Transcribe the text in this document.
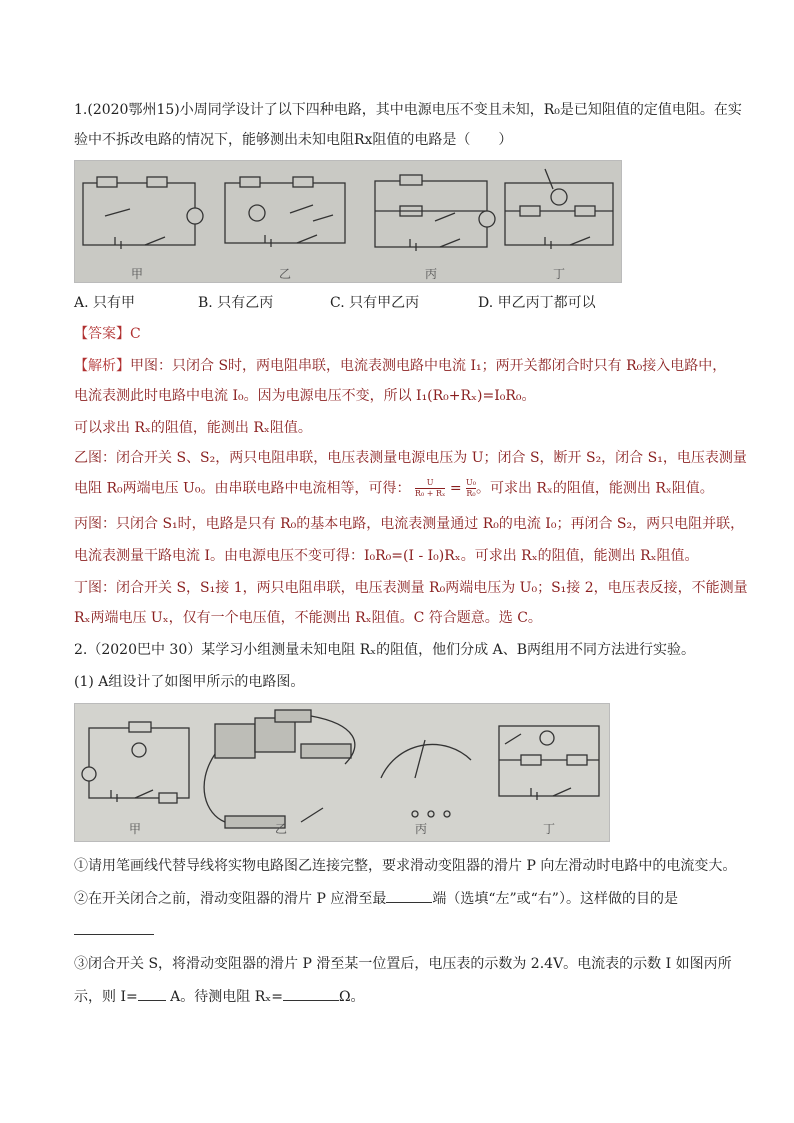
1.(2020鄂州15)小周同学设计了以下四种电路，其中电源电压不变且未知，R₀是已知阻值的定值电阻。在实
验中不拆改电路的情况下，能够测出未知电阻Rx阻值的电路是（　　）
甲	乙	丙	丁
A. 只有甲	B. 只有乙丙	C. 只有甲乙丙	D. 甲乙丙丁都可以
【答案】C
【解析】甲图：只闭合 S时，两电阻串联，电流表测电路中电流 I₁；两开关都闭合时只有 R₀接入电路中，
电流表测此时电路中电流 I₀。因为电源电压不变，所以 I₁(R₀+Rₓ)=I₀R₀。
可以求出 Rₓ的阻值，能测出 Rₓ阻值。
乙图：闭合开关 S、S₂，两只电阻串联，电压表测量电源电压为 U；闭合 S，断开 S₂，闭合 S₁，电压表测量
电阻 R₀两端电压 U₀。由串联电路中电流相等，可得： $\frac{U}{\text{R₀ + Rₓ}} = \frac{\text{U₀}}{\text{R₀}}$ 。可求出 Rₓ的阻值，能测出 Rₓ阻值。
丙图：只闭合 S₁时，电路是只有 R₀的基本电路，电流表测量通过 R₀的电流 I₀；再闭合 S₂，两只电阻并联，
电流表测量干路电流 I。由电源电压不变可得：I₀R₀=(I - I₀)Rₓ。可求出 Rₓ的阻值，能测出 Rₓ阻值。
丁图：闭合开关 S，S₁接 1，两只电阻串联，电压表测量 R₀两端电压为 U₀；S₁接 2，电压表反接，不能测量
Rₓ两端电压 Uₓ，仅有一个电压值，不能测出 Rₓ阻值。C 符合题意。选 C。
2.（2020巴中 30）某学习小组测量未知电阻 Rₓ的阻值，他们分成 A、B两组用不同方法进行实验。
(1) A组设计了如图甲所示的电路图。
甲	乙	丙	丁
①请用笔画线代替导线将实物电路图乙连接完整，要求滑动变阻器的滑片 P 向左滑动时电路中的电流变大。
②在开关闭合之前，滑动变阻器的滑片 P 应滑至最	端（选填“左”或“右”）。这样做的目的是
③闭合开关 S，将滑动变阻器的滑片 P 滑至某一位置后，电压表的示数为 2.4V。电流表的示数 I 如图丙所
示，则 I= A。待测电阻 Rₓ=	Ω。
